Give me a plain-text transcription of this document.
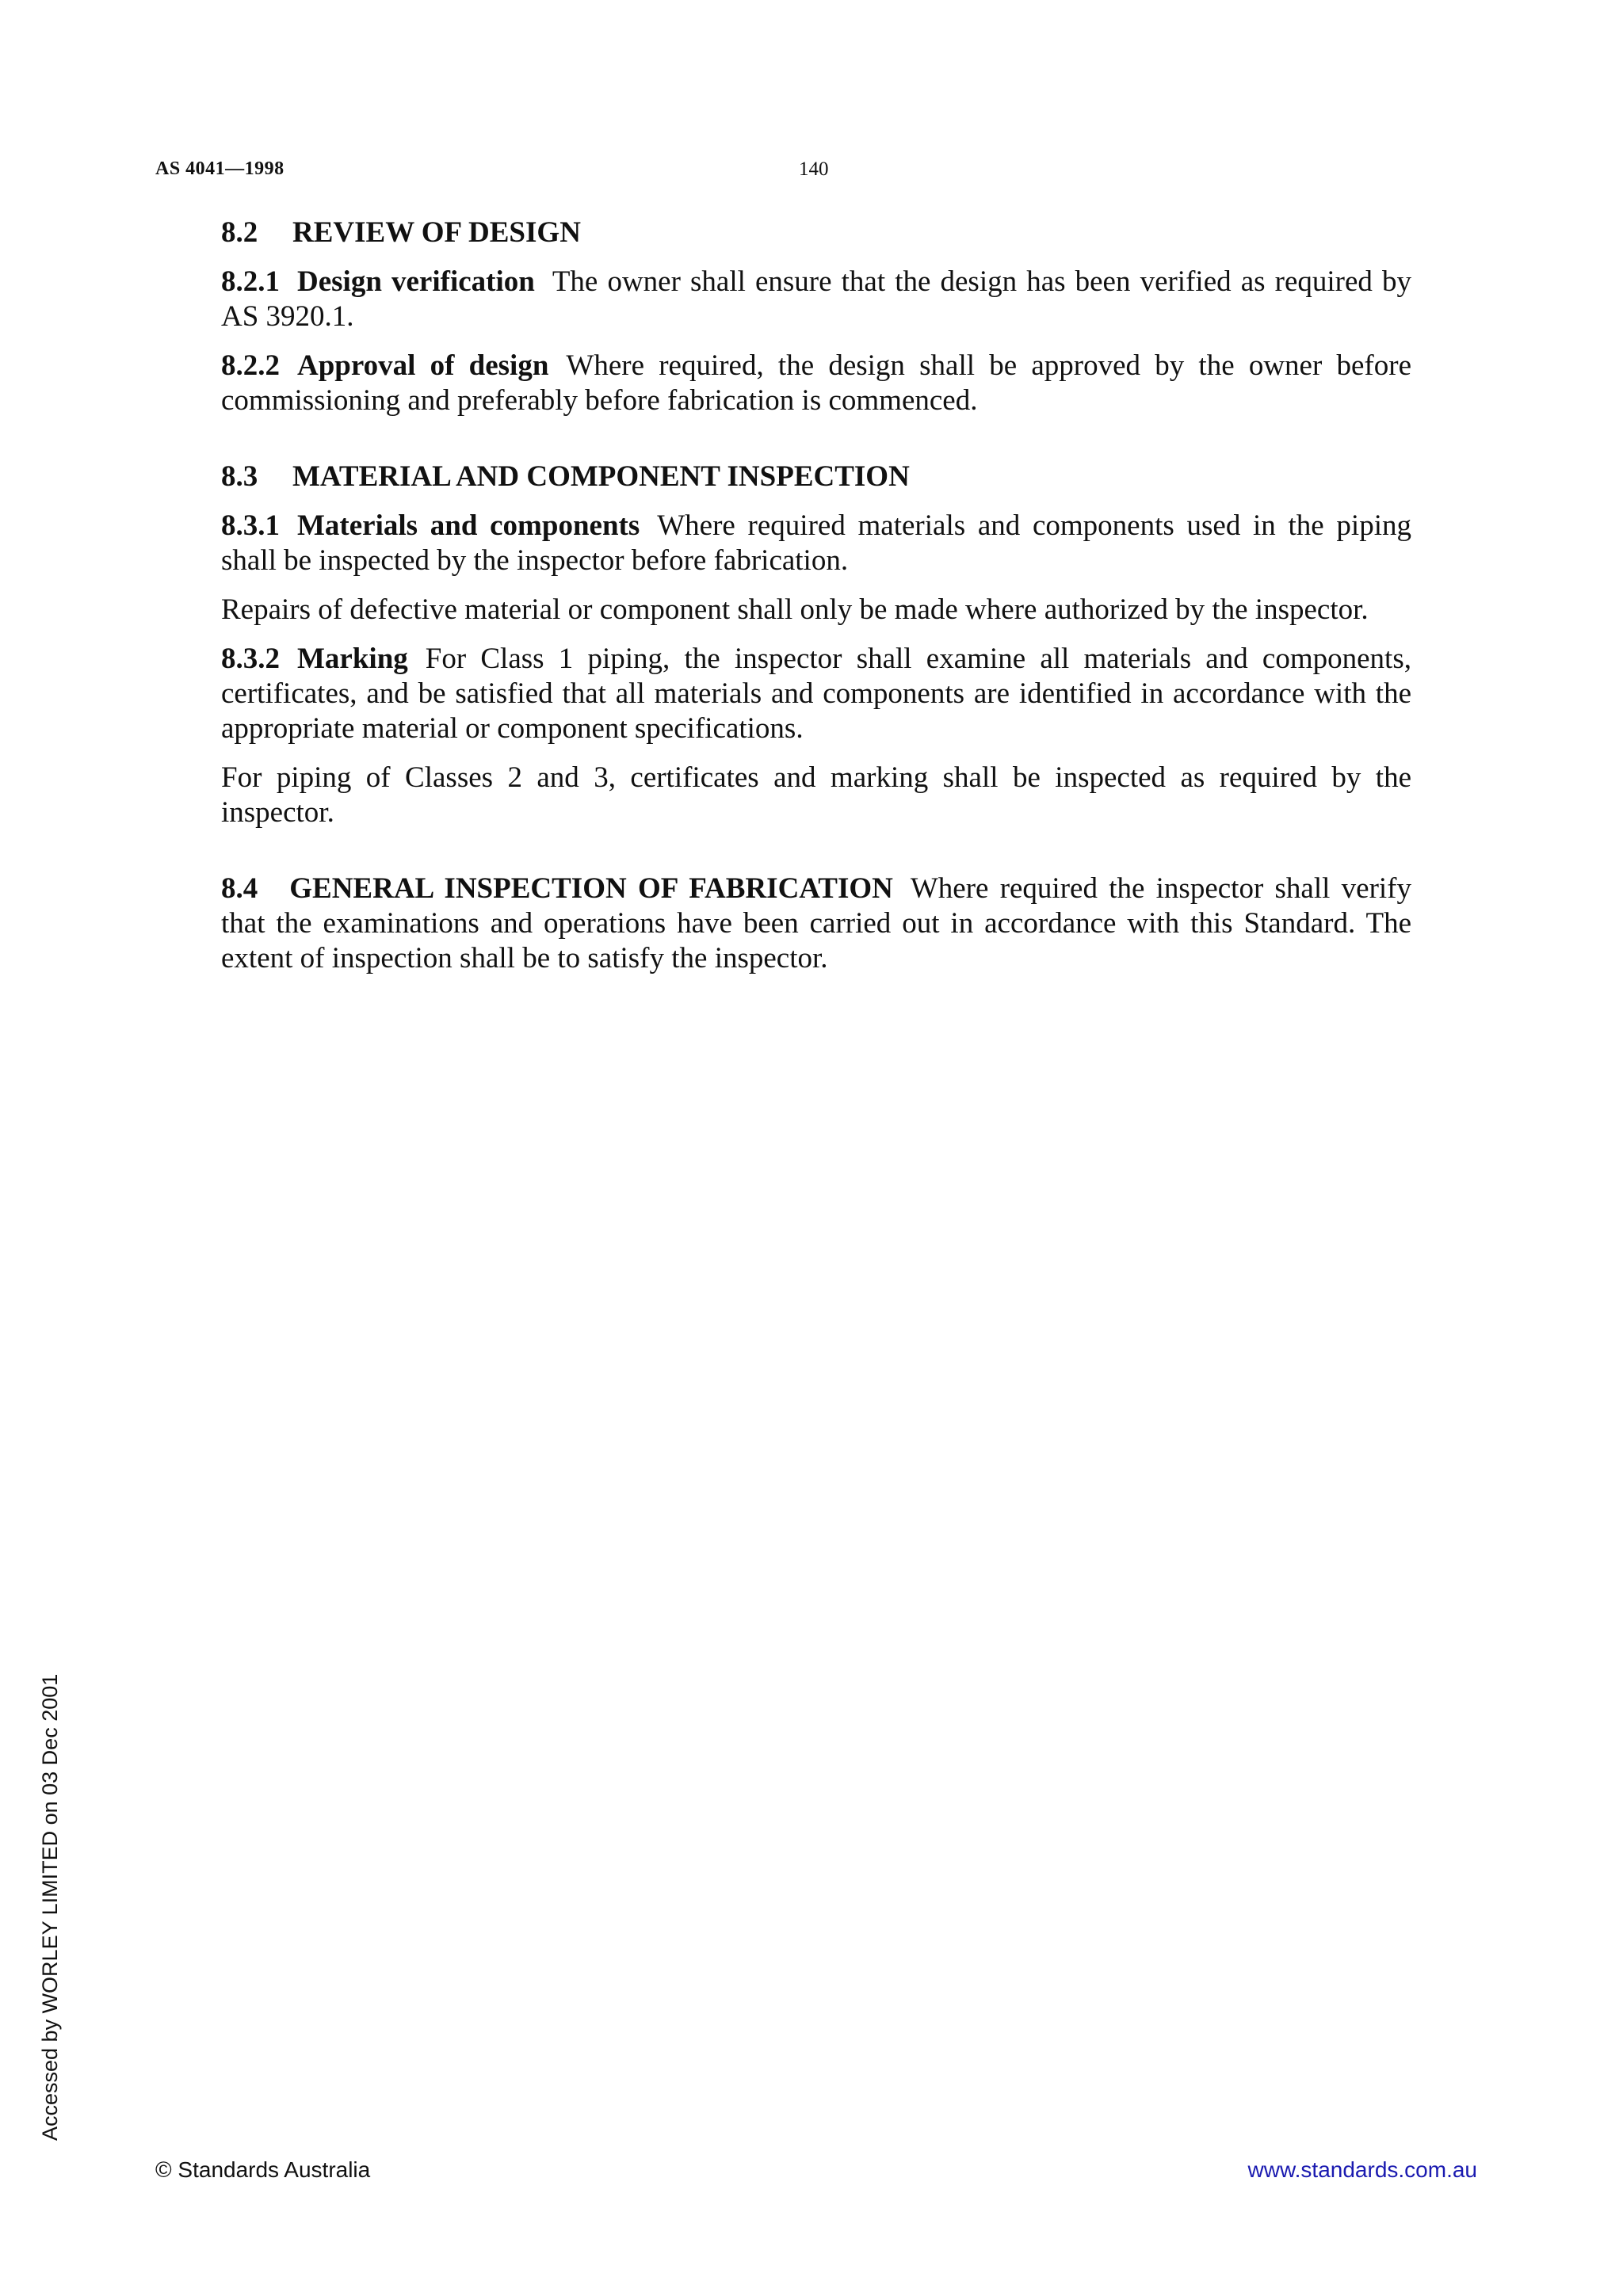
AS 4041—1998	140

8.2 REVIEW OF DESIGN

8.2.1 Design verification The owner shall ensure that the design has been verified as required by AS 3920.1.

8.2.2 Approval of design Where required, the design shall be approved by the owner before commissioning and preferably before fabrication is commenced.

8.3 MATERIAL AND COMPONENT INSPECTION

8.3.1 Materials and components Where required materials and components used in the piping shall be inspected by the inspector before fabrication.

Repairs of defective material or component shall only be made where authorized by the inspector.

8.3.2 Marking For Class 1 piping, the inspector shall examine all materials and components, certificates, and be satisfied that all materials and components are identified in accordance with the appropriate material or component specifications.

For piping of Classes 2 and 3, certificates and marking shall be inspected as required by the inspector.

8.4 GENERAL INSPECTION OF FABRICATION Where required the inspector shall verify that the examinations and operations have been carried out in accordance with this Standard. The extent of inspection shall be to satisfy the inspector.

Accessed by WORLEY LIMITED on 03 Dec 2001
© Standards Australia	www.standards.com.au
